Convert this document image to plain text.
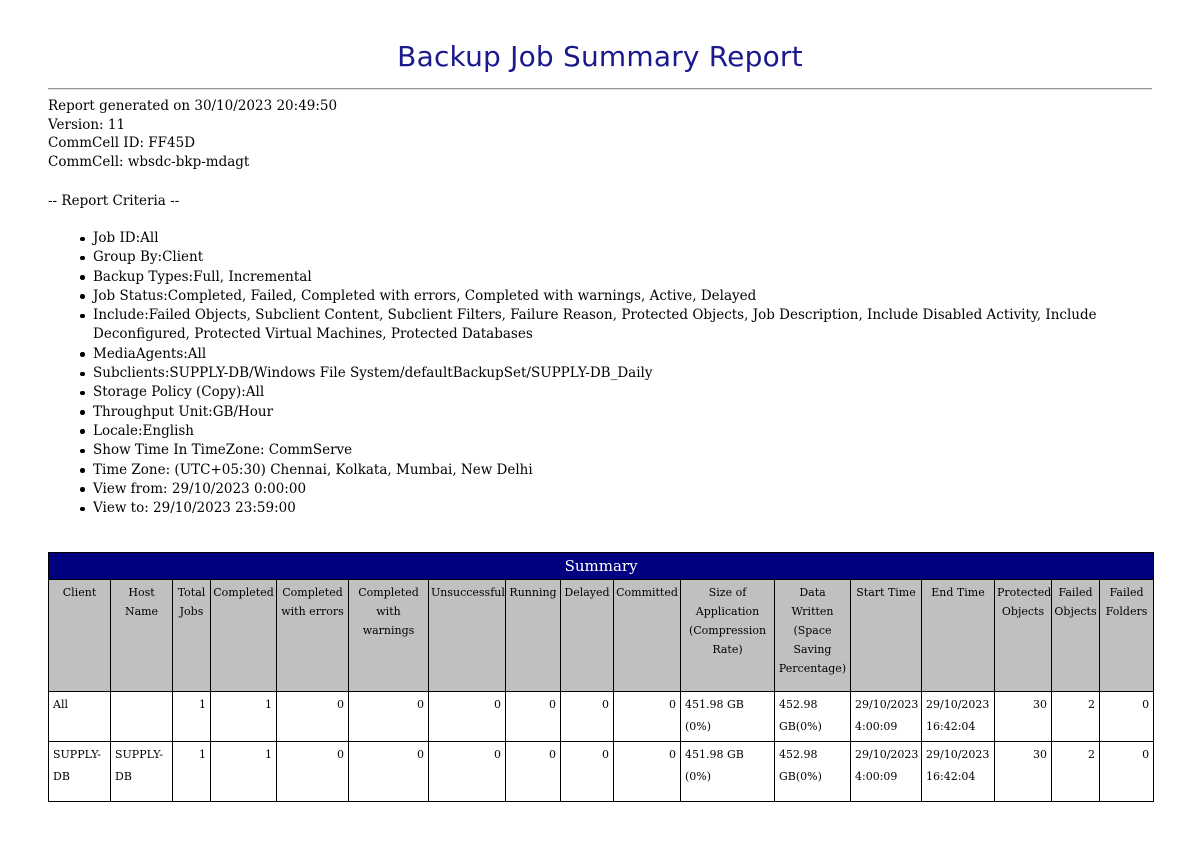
Backup Job Summary Report
Report generated on 30/10/2023 20:49:50
Version: 11
CommCell ID: FF45D
CommCell: wbsdc-bkp-mdagt
-- Report Criteria --
Job ID:All
Group By:Client
Backup Types:Full, Incremental
Job Status:Completed, Failed, Completed with errors, Completed with warnings, Active, Delayed
Include:Failed Objects, Subclient Content, Subclient Filters, Failure Reason, Protected Objects, Job Description, Include Disabled Activity, Include Deconfigured, Protected Virtual Machines, Protected Databases
MediaAgents:All
Subclients:SUPPLY-DB/Windows File System/defaultBackupSet/SUPPLY-DB_Daily
Storage Policy (Copy):All
Throughput Unit:GB/Hour
Locale:English
Show Time In TimeZone: CommServe
Time Zone: (UTC+05:30) Chennai, Kolkata, Mumbai, New Delhi
View from: 29/10/2023 0:00:00
View to: 29/10/2023 23:59:00
Summary																
Client	Host Name	Total Jobs	Completed	Completed with errors	Completed with warnings	Unsuccessful	Running	Delayed	Committed	Size of Application (Compression Rate)	Data Written (Space Saving Percentage)	Start Time	End Time	Protected Objects	Failed Objects	Failed Folders
All		1	1	0	0	0	0	0	0	451.98 GB (0%)	452.98 GB(0%)	29/10/2023 4:00:09	29/10/2023 16:42:04	30	2	0
SUPPLY-DB	SUPPLY-DB	1	1	0	0	0	0	0	0	451.98 GB (0%)	452.98 GB(0%)	29/10/2023 4:00:09	29/10/2023 16:42:04	30	2	0
